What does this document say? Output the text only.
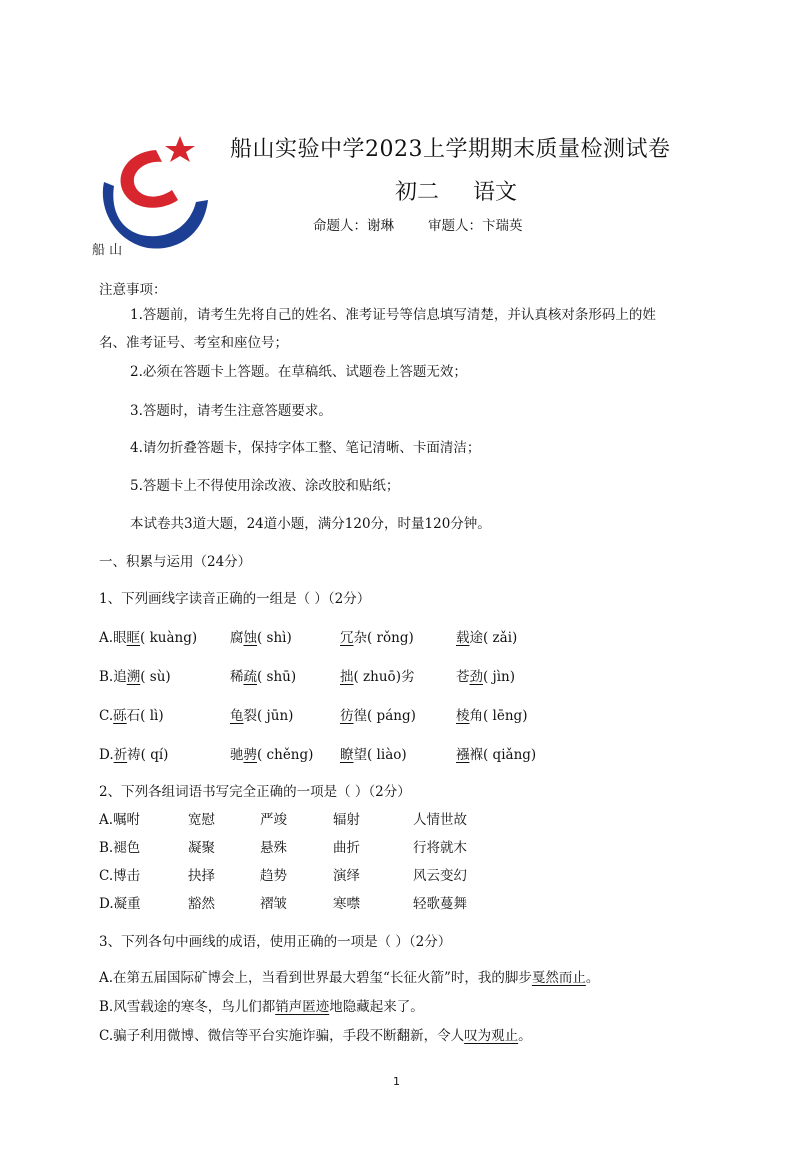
船 山
船山实验中学2023上学期期末质量检测试卷
初二 语文
命题人：谢琳	审题人：卞瑞英
注意事项：
1.答题前，请考生先将自己的姓名、准考证号等信息填写清楚，并认真核对条形码上的姓
名、准考证号、考室和座位号；
2.必须在答题卡上答题。在草稿纸、试题卷上答题无效；
3.答题时，请考生注意答题要求。
4.请勿折叠答题卡，保持字体工整、笔记清晰、卡面清洁；
5.答题卡上不得使用涂改液、涂改胶和贴纸；
本试卷共3道大题，24道小题，满分120分，时量120分钟。
一、积累与运用（24分）
1、下列画线字读音正确的一组是（ ）（2分）
A.眼眶( kuàng) 腐蚀( shì)	冗杂( rǒng)	载途( zǎi)
B.追溯( sù)	稀疏( shū)	拙( zhuō)劣	苍劲( jìn)
C.砾石( lì)	龟裂( jūn)	彷徨( páng)	棱角( lēng)
D.祈祷( qí)	驰骋( chěng) 瞭望( liào)	襁褓( qiǎng)
2、下列各组词语书写完全正确的一项是（ ）（2分）
A.嘱咐	宽慰	严竣	辐射	人情世故
B.褪色	凝聚	悬殊	曲折	行将就木
C.博击	抉择	趋势	演绎	风云变幻
D.凝重	豁然	褶皱	寒噤	轻歌蔓舞
3、下列各句中画线的成语，使用正确的一项是（ ）（2分）
A.在第五届国际矿博会上，当看到世界最大碧玺“长征火箭”时，我的脚步戛然而止。
B.风雪载途的寒冬，鸟儿们都销声匿迹地隐藏起来了。
C.骗子利用微博、微信等平台实施诈骗，手段不断翻新，令人叹为观止。
1
